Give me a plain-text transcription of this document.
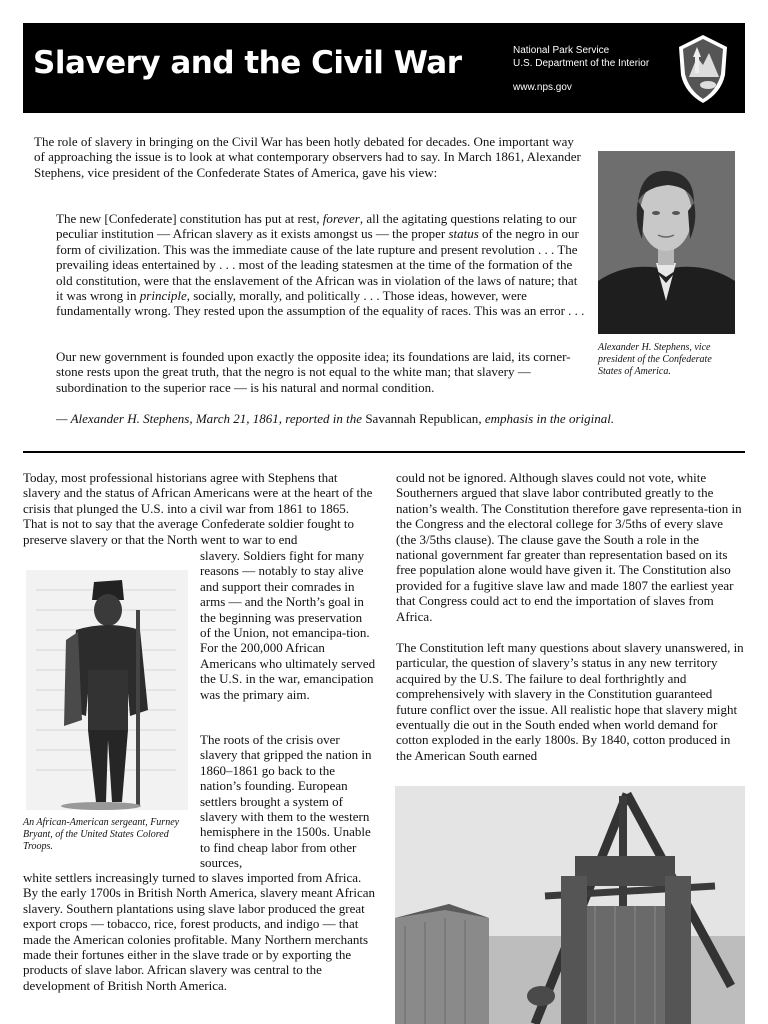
Slavery and the Civil War	National Park Service
U.S. Department of the Interior
www.nps.gov

The role of slavery in bringing on the Civil War has been hotly debated for decades. One important way of approaching the issue is to look at what contemporary observers had to say. In March 1861, Alexander Stephens, vice president of the Confederate States of America, gave his view:

The new [Confederate] constitution has put at rest, forever, all the agitating questions relating to our peculiar institution — African slavery as it exists amongst us — the proper status of the negro in our form of civilization. This was the immediate cause of the late rupture and present revolution . . . The prevailing ideas entertained by . . . most of the leading statesmen at the time of the formation of the old constitution, were that the enslavement of the African was in violation of the laws of nature; that it was wrong in principle, socially, morally, and politically . . . Those ideas, however, were fundamentally wrong. They rested upon the assumption of the equality of races. This was an error . . .

Our new government is founded upon exactly the opposite idea; its foundations are laid, its corner-stone rests upon the great truth, that the negro is not equal to the white man; that slavery — subordination to the superior race — is his natural and normal condition.

— Alexander H. Stephens, March 21, 1861, reported in the Savannah Republican, emphasis in the original.

Alexander H. Stephens, vice president of the Confederate States of America.

Today, most professional historians agree with Stephens that slavery and the status of African Americans were at the heart of the crisis that plunged the U.S. into a civil war from 1861 to 1865. That is not to say that the average Confederate soldier fought to preserve slavery or that the North went to war to end

slavery. Soldiers fight for many reasons — notably to stay alive and support their comrades in arms — and the North’s goal in the beginning was preservation of the Union, not emancipa-tion. For the 200,000 African Americans who ultimately served the U.S. in the war, emancipation was the primary aim.

An African-American sergeant, Furney Bryant, of the United States Colored Troops.

The roots of the crisis over slavery that gripped the nation in 1860–1861 go back to the nation’s founding. European settlers brought a system of slavery with them to the western hemisphere in the 1500s. Unable to find cheap labor from other sources,

white settlers increasingly turned to slaves imported from Africa. By the early 1700s in British North America, slavery meant African slavery. Southern plantations using slave labor produced the great export crops — tobacco, rice, forest products, and indigo — that made the American colonies profitable. Many Northern merchants made their fortunes either in the slave trade or by exporting the products of slave labor. African slavery was central to the development of British North America.

could not be ignored. Although slaves could not vote, white Southerners argued that slave labor contributed greatly to the nation’s wealth. The Constitution therefore gave representa-tion in the Congress and the electoral college for 3/5ths of every slave (the 3/5ths clause). The clause gave the South a role in the national government far greater than representation based on its free population alone would have given it. The Constitution also provided for a fugitive slave law and made 1807 the earliest year that Congress could act to end the importation of slaves from Africa.

The Constitution left many questions about slavery unanswered, in particular, the question of slavery’s status in any new territory acquired by the U.S. The failure to deal forthrightly and comprehensively with slavery in the Constitution guaranteed future conflict over the issue. All realistic hope that slavery might eventually die out in the South ended when world demand for cotton exploded in the early 1800s. By 1840, cotton produced in the American South earned
